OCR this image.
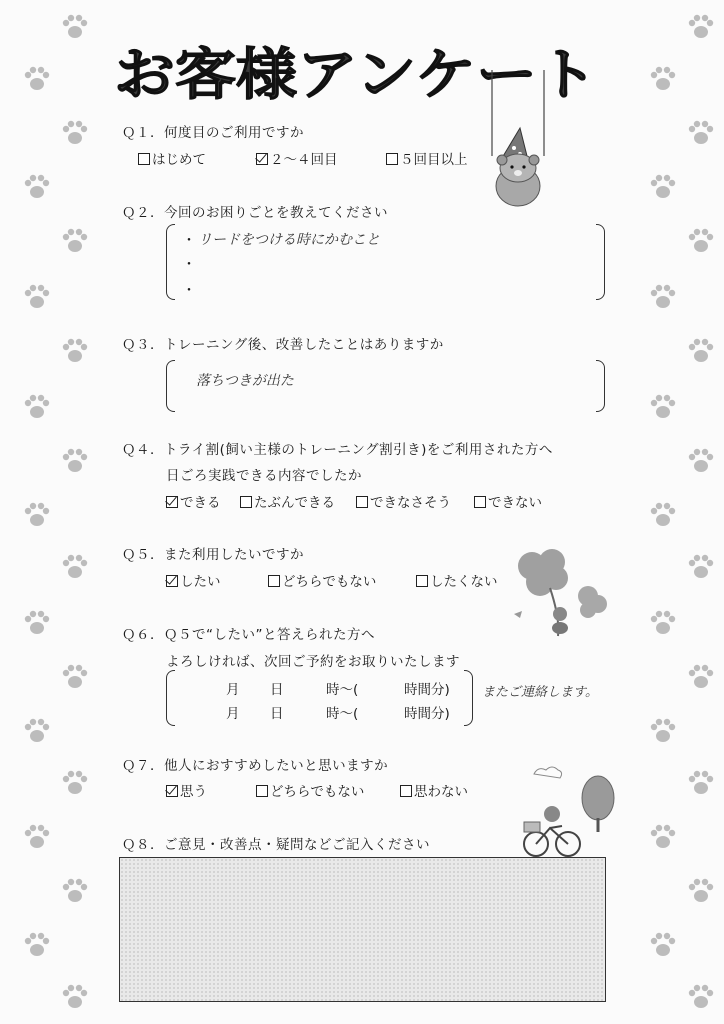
お客様アンケート
Ｑ１．何度目のご利用ですか
はじめて	２～４回目	５回目以上
Ｑ２．今回のお困りごとを教えてください
・
・
・
リードをつける時にかむこと
Ｑ３．トレーニング後、改善したことはありますか
落ちつきが出た
Ｑ４．トライ割(飼い主様のトレーニング割引き)をご利用された方へ
日ごろ実践できる内容でしたか
できる	たぶんできる	できなさそう	できない
Ｑ５．また利用したいですか
したい	どちらでもない	したくない
Ｑ６．Ｑ５で“したい”と答えられた方へ
よろしければ、次回ご予約をお取りいたします
月 日	時～(	時間分)
月 日	時～(	時間分)
またご連絡します。
Ｑ７．他人におすすめしたいと思いますか
思う	どちらでもない	思わない
Ｑ８．ご意見・改善点・疑問などご記入ください
